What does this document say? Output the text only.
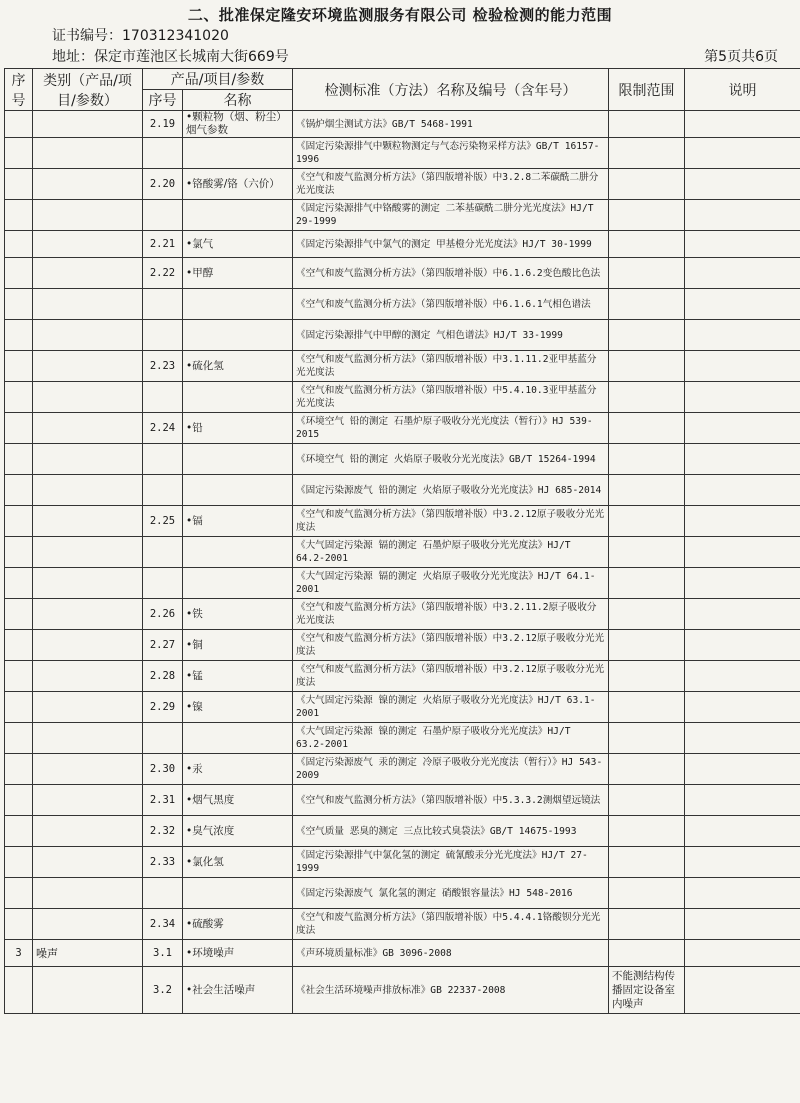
二、批准保定隆安环境监测服务有限公司 检验检测的能力范围
证书编号：170312341020
地址：保定市莲池区长城南大街669号	第5页共6页
序号	类别（产品/项目/参数）	产品/项目/参数		检测标准（方法）名称及编号（含年号）	限制范围	说明
		序号	名称			
		2.19	•颗粒物（烟、粉尘） 烟气参数	《锅炉烟尘测试方法》GB/T 5468-1991		
				《固定污染源排气中颗粒物测定与气态污染物采样方法》GB/T 16157-1996		
		2.20	•铬酸雾/铬（六价）	《空气和废气监测分析方法》（第四版增补版）中3.2.8二苯碳酰二肼分光光度法		
				《固定污染源排气中铬酸雾的测定 二苯基碳酰二肼分光光度法》HJ/T 29-1999		
		2.21	•氯气	《固定污染源排气中氯气的测定 甲基橙分光光度法》HJ/T 30-1999		
		2.22	•甲醇	《空气和废气监测分析方法》（第四版增补版）中6.1.6.2变色酸比色法		
				《空气和废气监测分析方法》（第四版增补版）中6.1.6.1气相色谱法		
				《固定污染源排气中甲醇的测定 气相色谱法》HJ/T 33-1999		
		2.23	•硫化氢	《空气和废气监测分析方法》（第四版增补版）中3.1.11.2亚甲基蓝分光光度法		
				《空气和废气监测分析方法》（第四版增补版）中5.4.10.3亚甲基蓝分光光度法		
		2.24	•铅	《环境空气 铅的测定 石墨炉原子吸收分光光度法（暂行）》HJ 539-2015		
				《环境空气 铅的测定 火焰原子吸收分光光度法》GB/T 15264-1994		
				《固定污染源废气 铅的测定 火焰原子吸收分光光度法》HJ 685-2014		
		2.25	•镉	《空气和废气监测分析方法》（第四版增补版）中3.2.12原子吸收分光光度法		
				《大气固定污染源 镉的测定 石墨炉原子吸收分光光度法》HJ/T 64.2-2001		
				《大气固定污染源 镉的测定 火焰原子吸收分光光度法》HJ/T 64.1-2001		
		2.26	•铁	《空气和废气监测分析方法》（第四版增补版）中3.2.11.2原子吸收分光光度法		
		2.27	•铜	《空气和废气监测分析方法》（第四版增补版）中3.2.12原子吸收分光光度法		
		2.28	•锰	《空气和废气监测分析方法》（第四版增补版）中3.2.12原子吸收分光光度法		
		2.29	•镍	《大气固定污染源 镍的测定 火焰原子吸收分光光度法》HJ/T 63.1-2001		
				《大气固定污染源 镍的测定 石墨炉原子吸收分光光度法》HJ/T 63.2-2001		
		2.30	•汞	《固定污染源废气 汞的测定 冷原子吸收分光光度法（暂行）》HJ 543-2009		
		2.31	•烟气黑度	《空气和废气监测分析方法》（第四版增补版）中5.3.3.2测烟望远镜法		
		2.32	•臭气浓度	《空气质量 恶臭的测定 三点比较式臭袋法》GB/T 14675-1993		
		2.33	•氯化氢	《固定污染源排气中氯化氢的测定 硫氰酸汞分光光度法》HJ/T 27-1999		
				《固定污染源废气 氯化氢的测定 硝酸银容量法》HJ 548-2016		
		2.34	•硫酸雾	《空气和废气监测分析方法》（第四版增补版）中5.4.4.1铬酸钡分光光度法		
3	噪声	3.1	•环境噪声	《声环境质量标准》GB 3096-2008		
		3.2	•社会生活噪声	《社会生活环境噪声排放标准》GB 22337-2008	不能测结构传播固定设备室内噪声	
